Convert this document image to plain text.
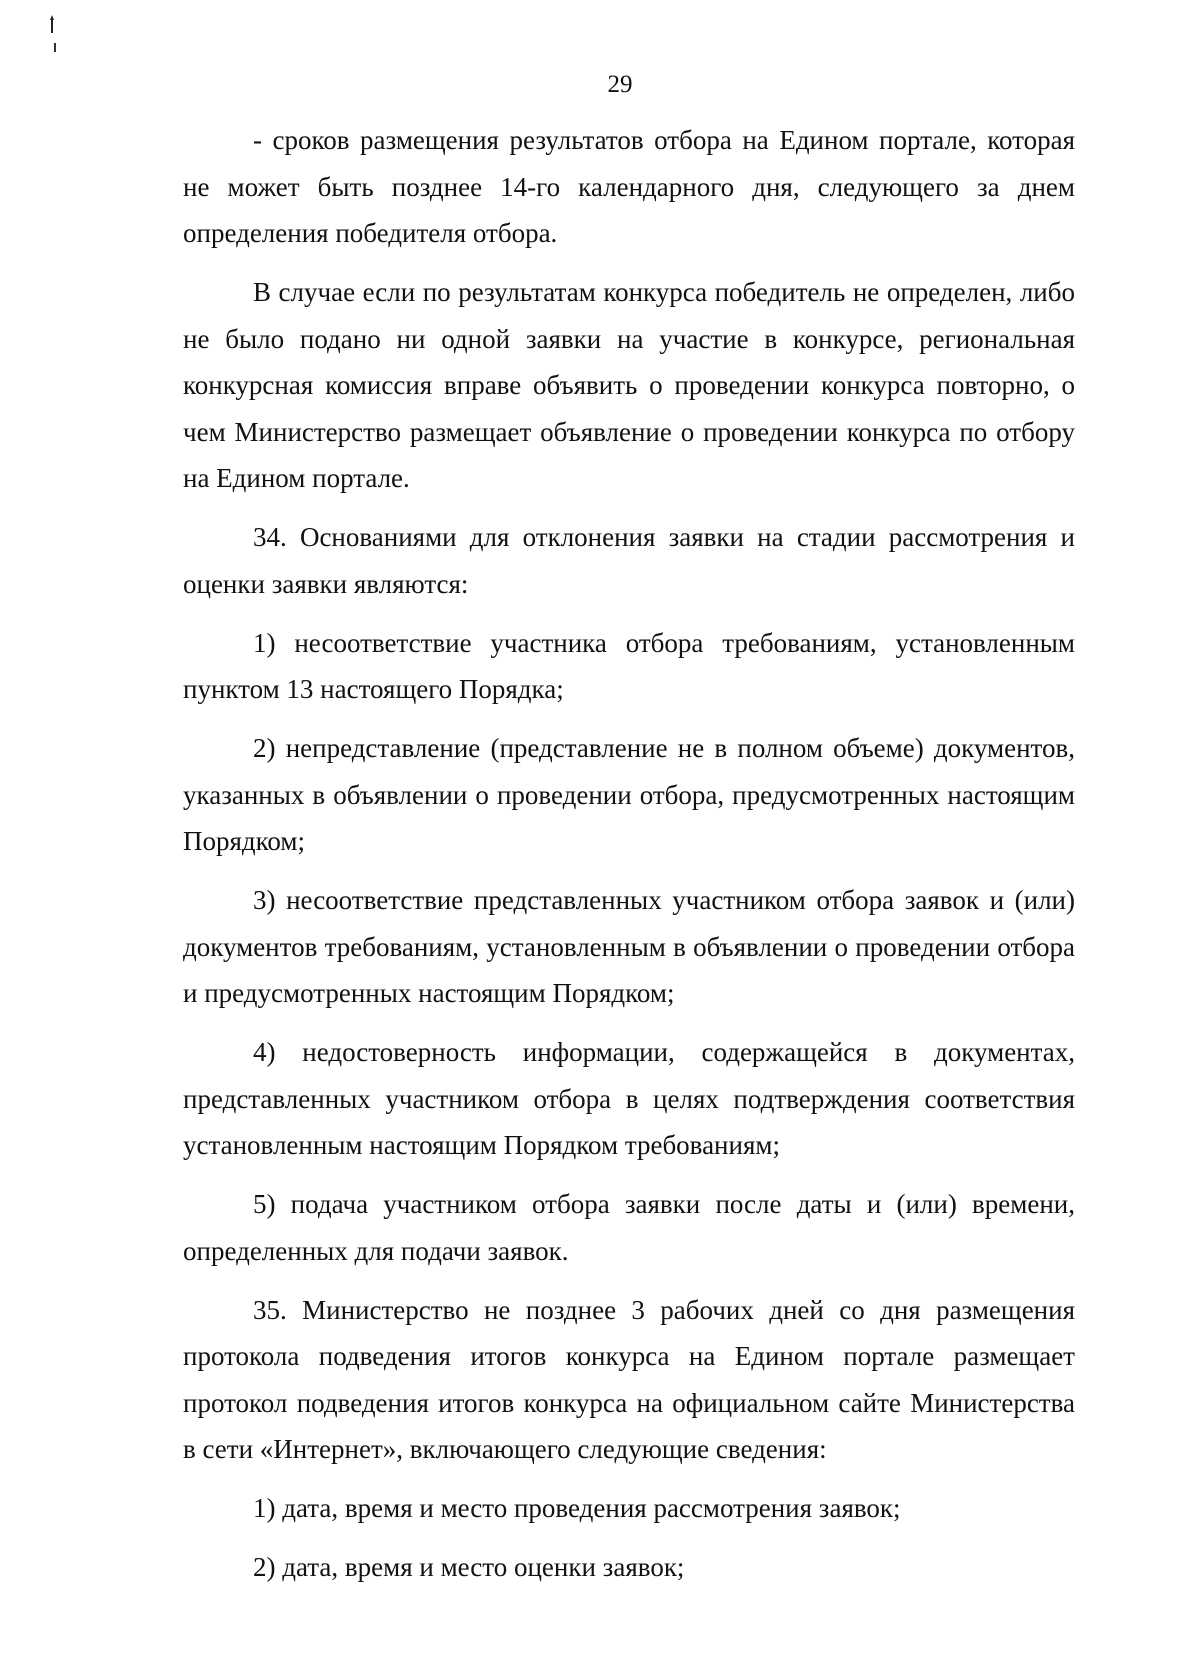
29

- сроков размещения результатов отбора на Едином портале, которая не может быть позднее 14-го календарного дня, следующего за днем определения победителя отбора.

В случае если по результатам конкурса победитель не определен, либо не было подано ни одной заявки на участие в конкурсе, региональная конкурсная комиссия вправе объявить о проведении конкурса повторно, о чем Министерство размещает объявление о проведении конкурса по отбору на Едином портале.

34. Основаниями для отклонения заявки на стадии рассмотрения и оценки заявки являются:

1) несоответствие участника отбора требованиям, установленным пунктом 13 настоящего Порядка;

2) непредставление (представление не в полном объеме) документов, указанных в объявлении о проведении отбора, предусмотренных настоящим Порядком;

3) несоответствие представленных участником отбора заявок и (или) документов требованиям, установленным в объявлении о проведении отбора и предусмотренных настоящим Порядком;

4) недостоверность информации, содержащейся в документах, представленных участником отбора в целях подтверждения соответствия установленным настоящим Порядком требованиям;

5) подача участником отбора заявки после даты и (или) времени, определенных для подачи заявок.

35. Министерство не позднее 3 рабочих дней со дня размещения протокола подведения итогов конкурса на Едином портале размещает протокол подведения итогов конкурса на официальном сайте Министерства в сети «Интернет», включающего следующие сведения:

1) дата, время и место проведения рассмотрения заявок;

2) дата, время и место оценки заявок;
